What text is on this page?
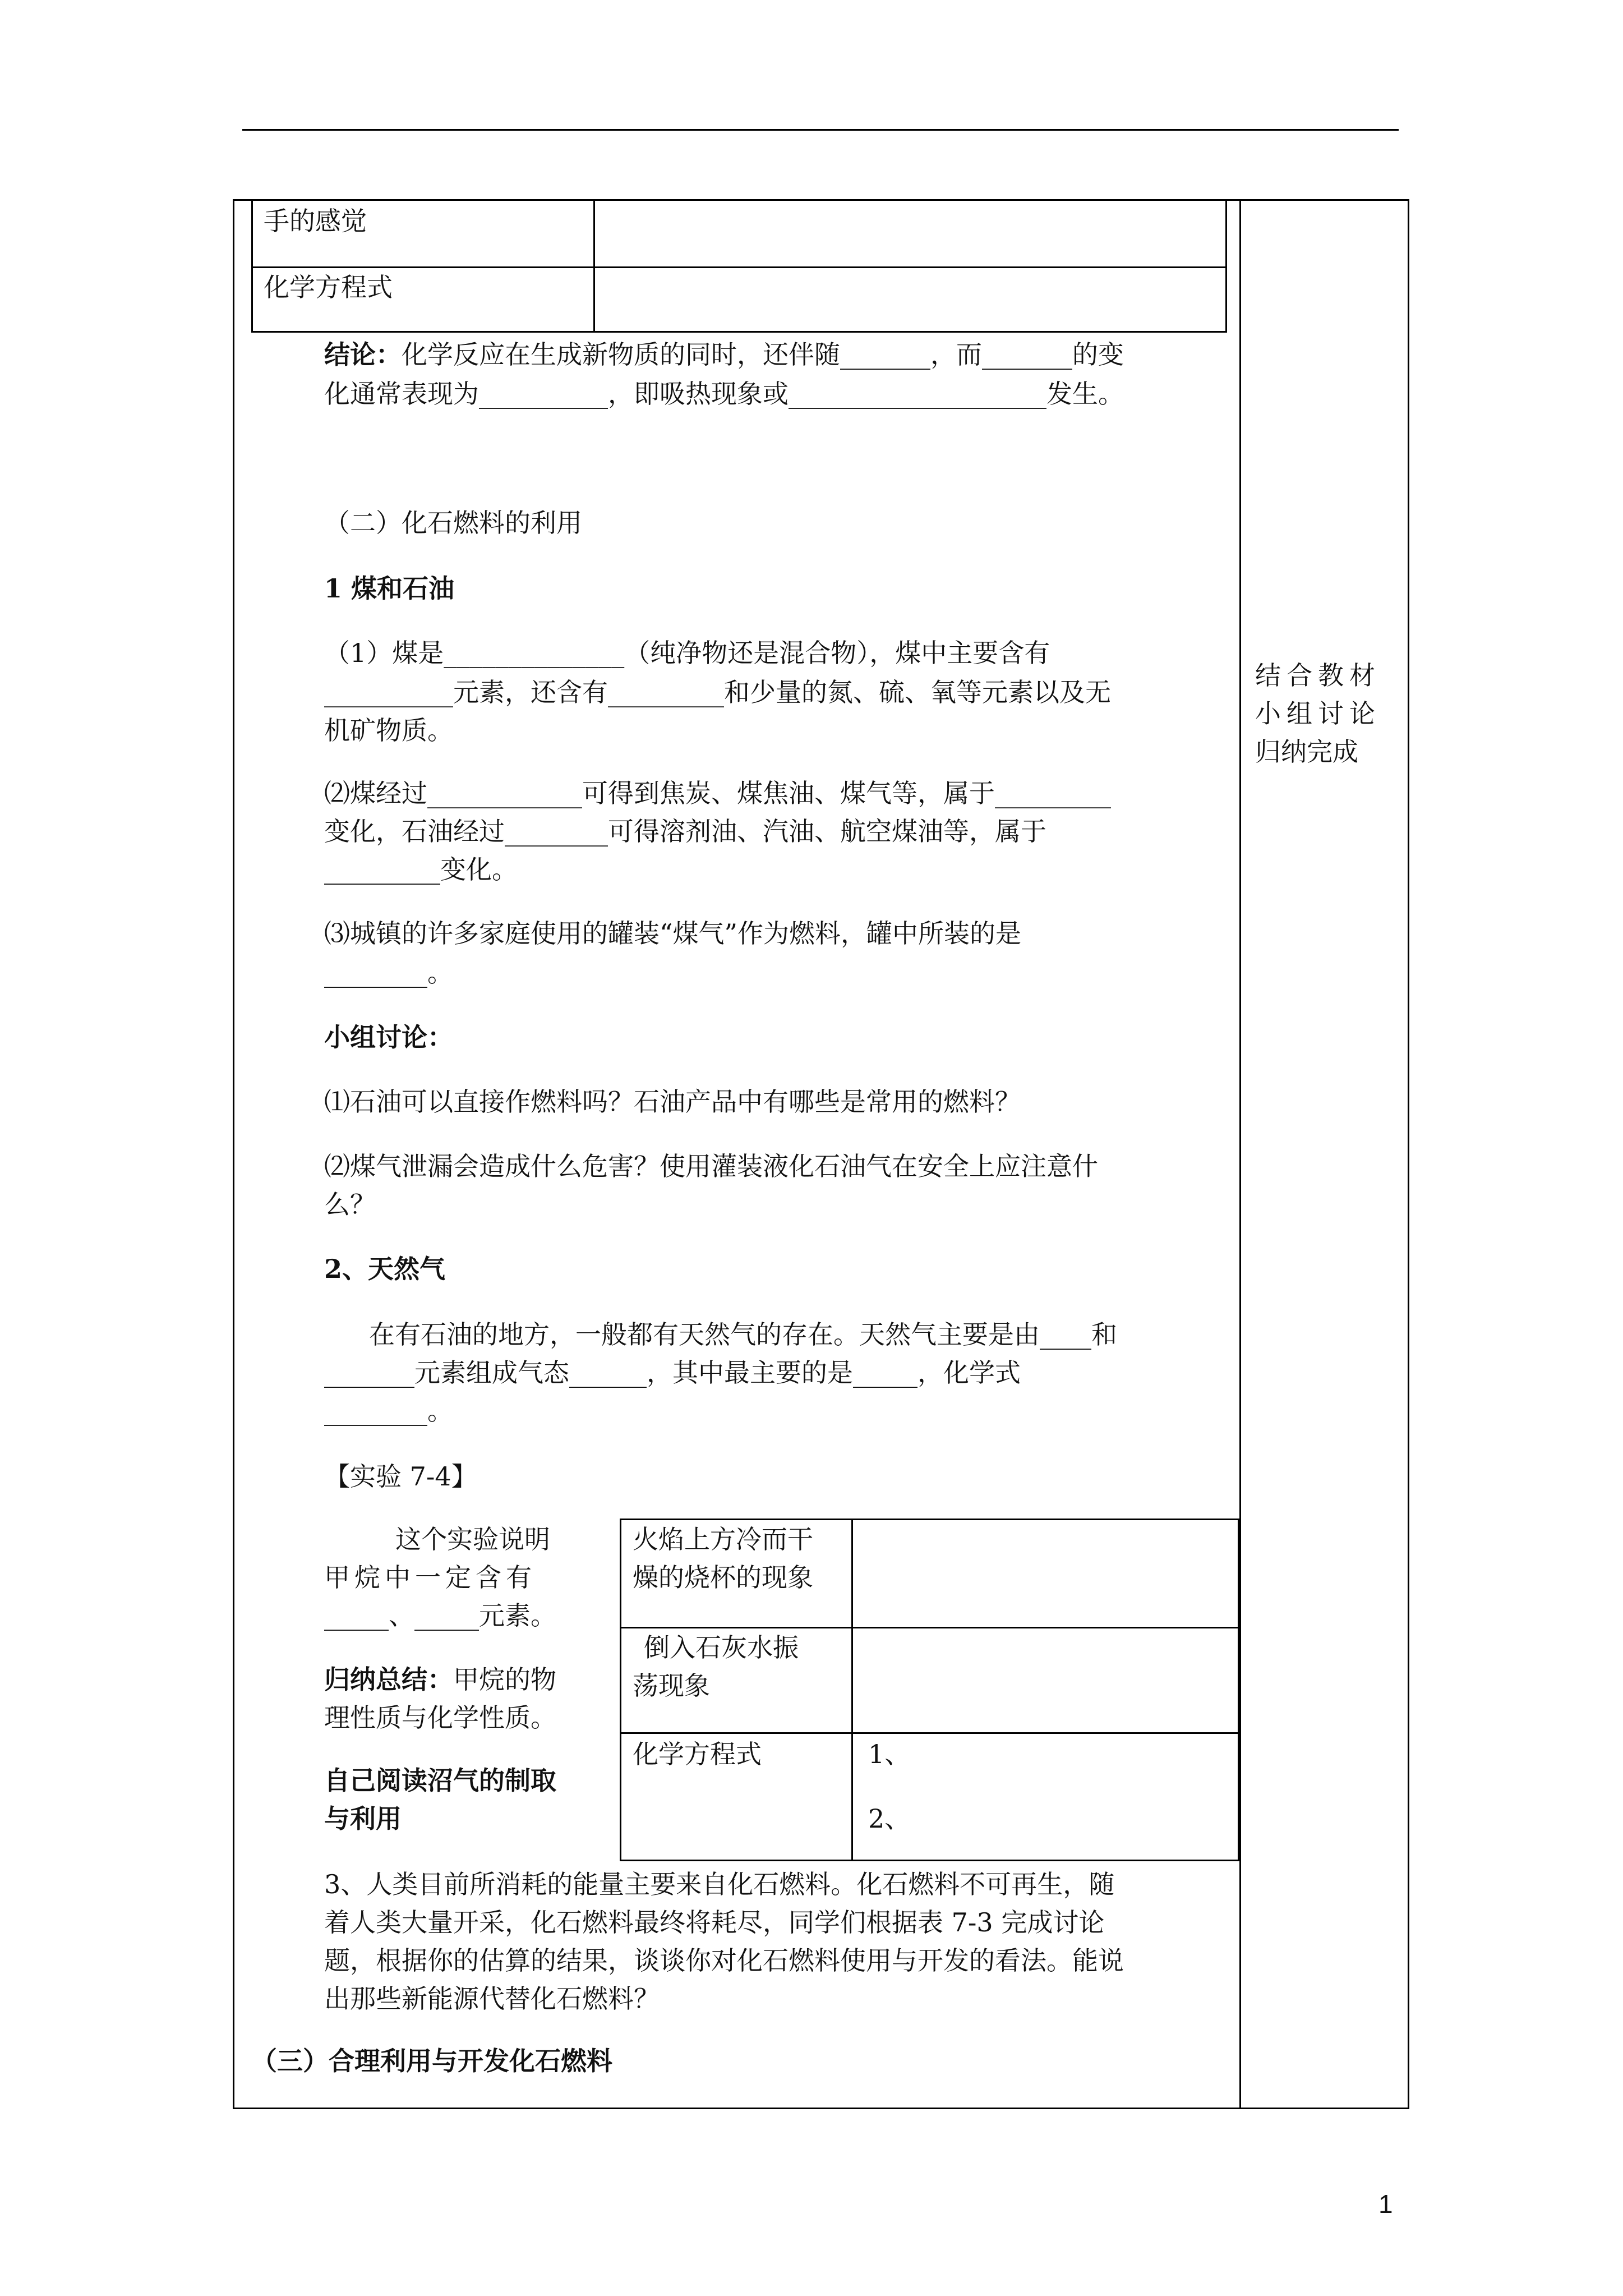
手的感觉
化学方程式
结论：化学反应在生成新物质的同时，还伴随_______，而_______的变
化通常表现为__________，即吸热现象或____________________发生。
（二）化石燃料的利用
1 煤和石油
（1）煤是______________（纯净物还是混合物），煤中主要含有
__________元素，还含有_________和少量的氮、硫、氧等元素以及无
机矿物质。
⑵煤经过____________可得到焦炭、煤焦油、煤气等，属于_________
变化，石油经过________可得溶剂油、汽油、航空煤油等，属于
_________变化。
⑶城镇的许多家庭使用的罐装“煤气”作为燃料，罐中所装的是
________。
小组讨论：
⑴石油可以直接作燃料吗？石油产品中有哪些是常用的燃料？
⑵煤气泄漏会造成什么危害？使用灌装液化石油气在安全上应注意什
么？
2、天然气
在有石油的地方，一般都有天然气的存在。天然气主要是由____和
_______元素组成气态______，其中最主要的是_____，化学式
________。
【实验 7-4】
这个实验说明
甲烷中一定含有
_____、_____元素。
归纳总结：甲烷的物
理性质与化学性质。
自己阅读沼气的制取
与利用
火焰上方冷而干
燥的烧杯的现象
倒入石灰水振
荡现象
化学方程式	1、
2、
3、人类目前所消耗的能量主要来自化石燃料。化石燃料不可再生，随
着人类大量开采，化石燃料最终将耗尽，同学们根据表 7-3 完成讨论
题，根据你的估算的结果，谈谈你对化石燃料使用与开发的看法。能说
出那些新能源代替化石燃料？
（三）合理利用与开发化石燃料
结合教材
小组讨论
归纳完成
1
